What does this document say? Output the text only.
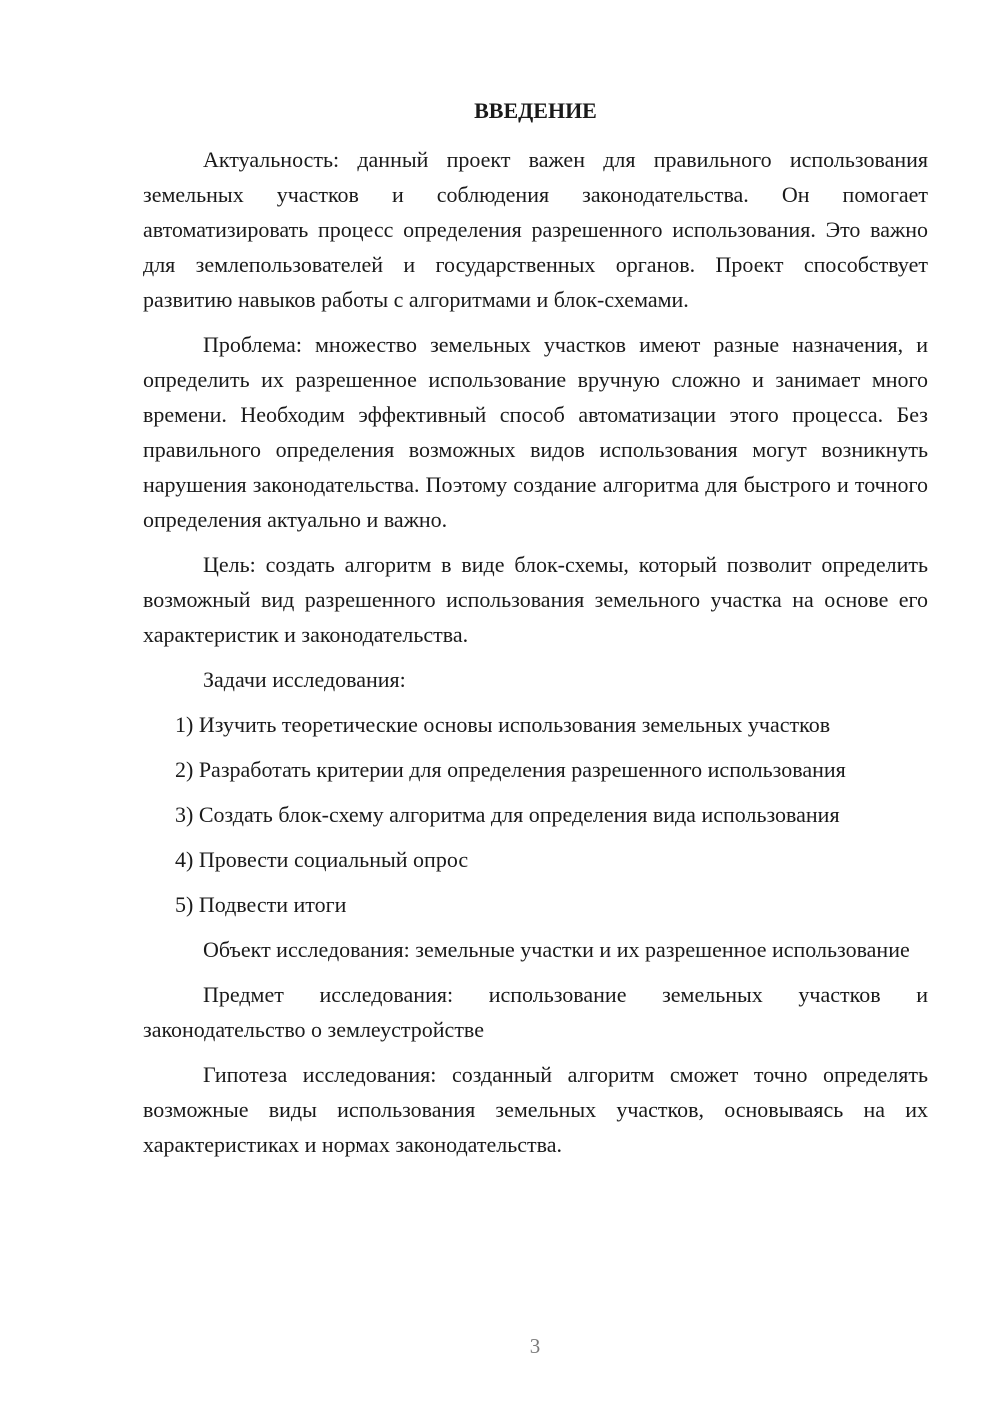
ВВЕДЕНИЕ

Актуальность: данный проект важен для правильного использования земельных участков и соблюдения законодательства. Он помогает автоматизировать процесс определения разрешенного использования. Это важно для землепользователей и государственных органов. Проект способствует развитию навыков работы с алгоритмами и блок-схемами.

Проблема: множество земельных участков имеют разные назначения, и определить их разрешенное использование вручную сложно и занимает много времени. Необходим эффективный способ автоматизации этого процесса. Без правильного определения возможных видов использования могут возникнуть нарушения законодательства. Поэтому создание алгоритма для быстрого и точного определения актуально и важно.

Цель: создать алгоритм в виде блок-схемы, который позволит определить возможный вид разрешенного использования земельного участка на основе его характеристик и законодательства.

Задачи исследования:

1) Изучить теоретические основы использования земельных участков

2) Разработать критерии для определения разрешенного использования

3) Создать блок-схему алгоритма для определения вида использования

4) Провести социальный опрос

5) Подвести итоги

Объект исследования: земельные участки и их разрешенное использование

Предмет исследования: использование земельных участков и законодательство о землеустройстве

Гипотеза исследования: созданный алгоритм сможет точно определять возможные виды использования земельных участков, основываясь на их характеристиках и нормах законодательства.

3
